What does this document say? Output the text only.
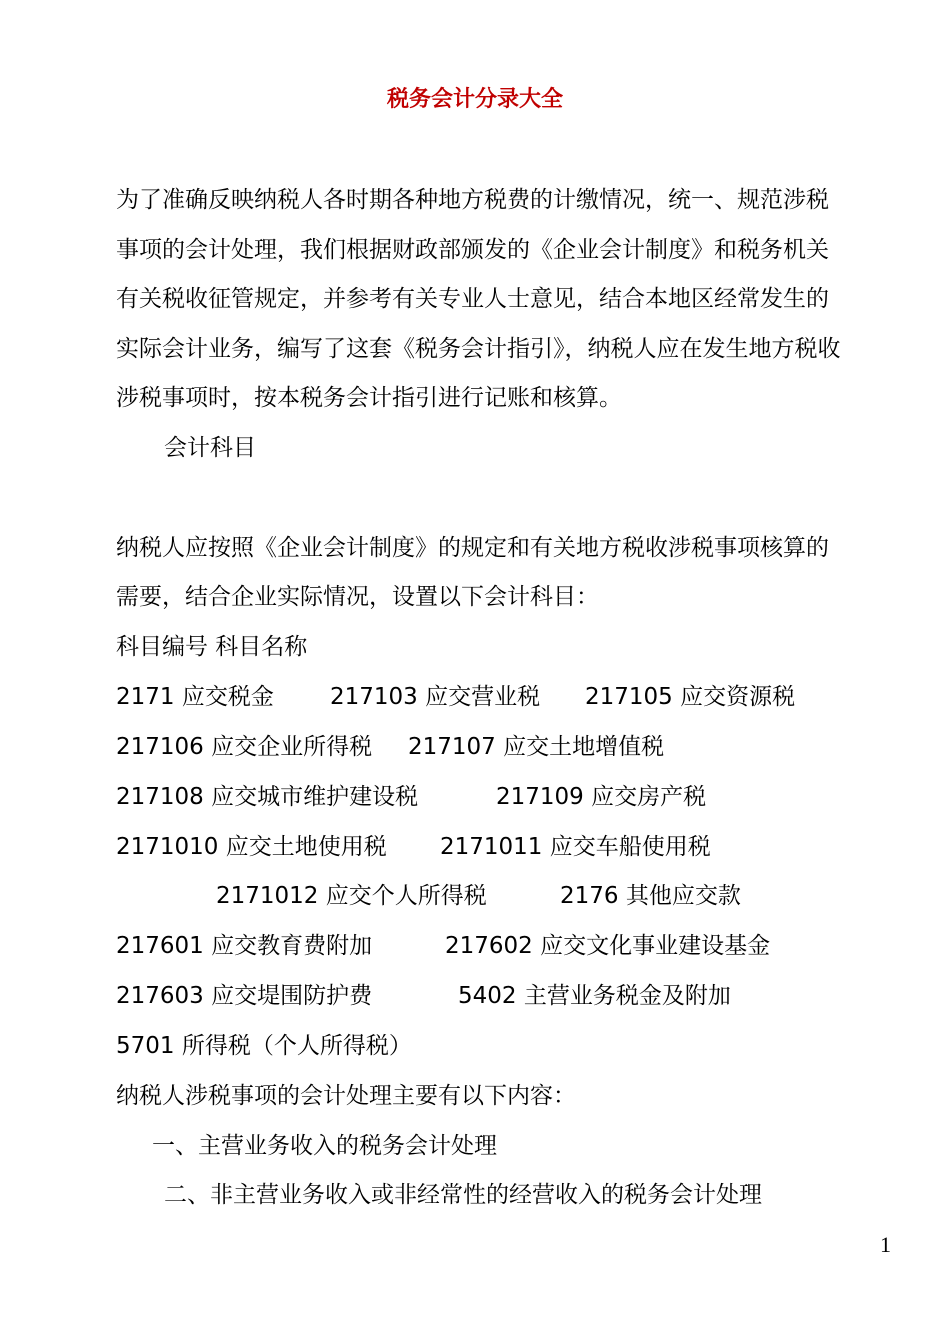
税务会计分录大全
为了准确反映纳税人各时期各种地方税费的计缴情况，统一、规范涉税
事项的会计处理，我们根据财政部颁发的《企业会计制度》和税务机关
有关税收征管规定，并参考有关专业人士意见，结合本地区经常发生的
实际会计业务，编写了这套《税务会计指引》，纳税人应在发生地方税收
涉税事项时，按本税务会计指引进行记账和核算。
会计科目
纳税人应按照《企业会计制度》的规定和有关地方税收涉税事项核算的
需要，结合企业实际情况，设置以下会计科目：
科目编号 科目名称
2171 应交税金 217103 应交营业税 217105 应交资源税
217106 应交企业所得税 217107 应交土地增值税
217108 应交城市维护建设税	217109 应交房产税
2171010 应交土地使用税 2171011 应交车船使用税
2171012 应交个人所得税	2176 其他应交款
217601 应交教育费附加	217602 应交文化事业建设基金
217603 应交堤围防护费	5402 主营业务税金及附加
5701 所得税（个人所得税）
纳税人涉税事项的会计处理主要有以下内容：
一、主营业务收入的税务会计处理
二、非主营业务收入或非经常性的经营收入的税务会计处理
1
